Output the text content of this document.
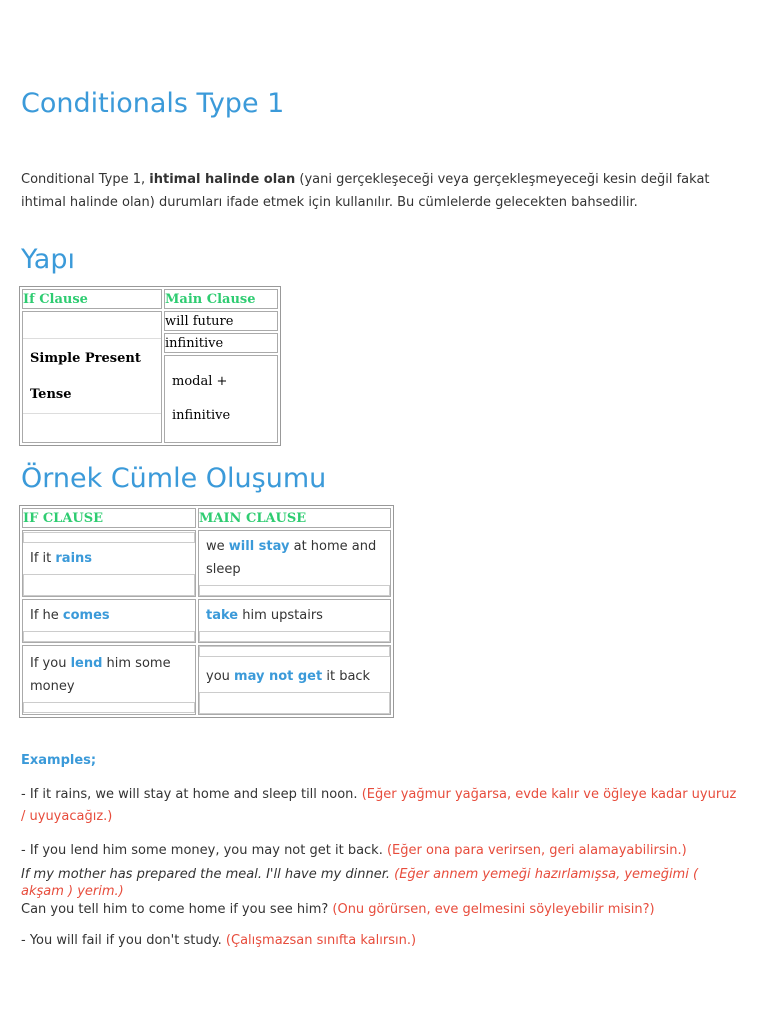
Conditionals Type 1

Conditional Type 1, ihtimal halinde olan (yani gerçekleşeceği veya gerçekleşmeyeceği kesin değil fakat ihtimal halinde olan) durumları ifade etmek için kullanılır. Bu cümlelerde gelecekten bahsedilir.

Yapı
If Clause	Main Clause

Simple Present
Tense	will future
	infinitive

	modal +
infinitive
Örnek Cümle Oluşumu
IF CLAUSE	MAIN CLAUSE

If it rains	we will stay at home and sleep

If he comes	take him upstairs

If you lend him some money	you may not get it back

Examples;

- If it rains, we will stay at home and sleep till noon. (Eğer yağmur yağarsa, evde kalır ve öğleye kadar uyuruz / uyuyacağız.)

- If you lend him some money, you may not get it back. (Eğer ona para verirsen, geri alamayabilirsin.)

If my mother has prepared the meal. I'll have my dinner. (Eğer annem yemeği hazırlamışsa, yemeğimi ( akşam ) yerim.)

Can you tell him to come home if you see him? (Onu görürsen, eve gelmesini söyleyebilir misin?)

- You will fail if you don't study. (Çalışmazsan sınıfta kalırsın.)
